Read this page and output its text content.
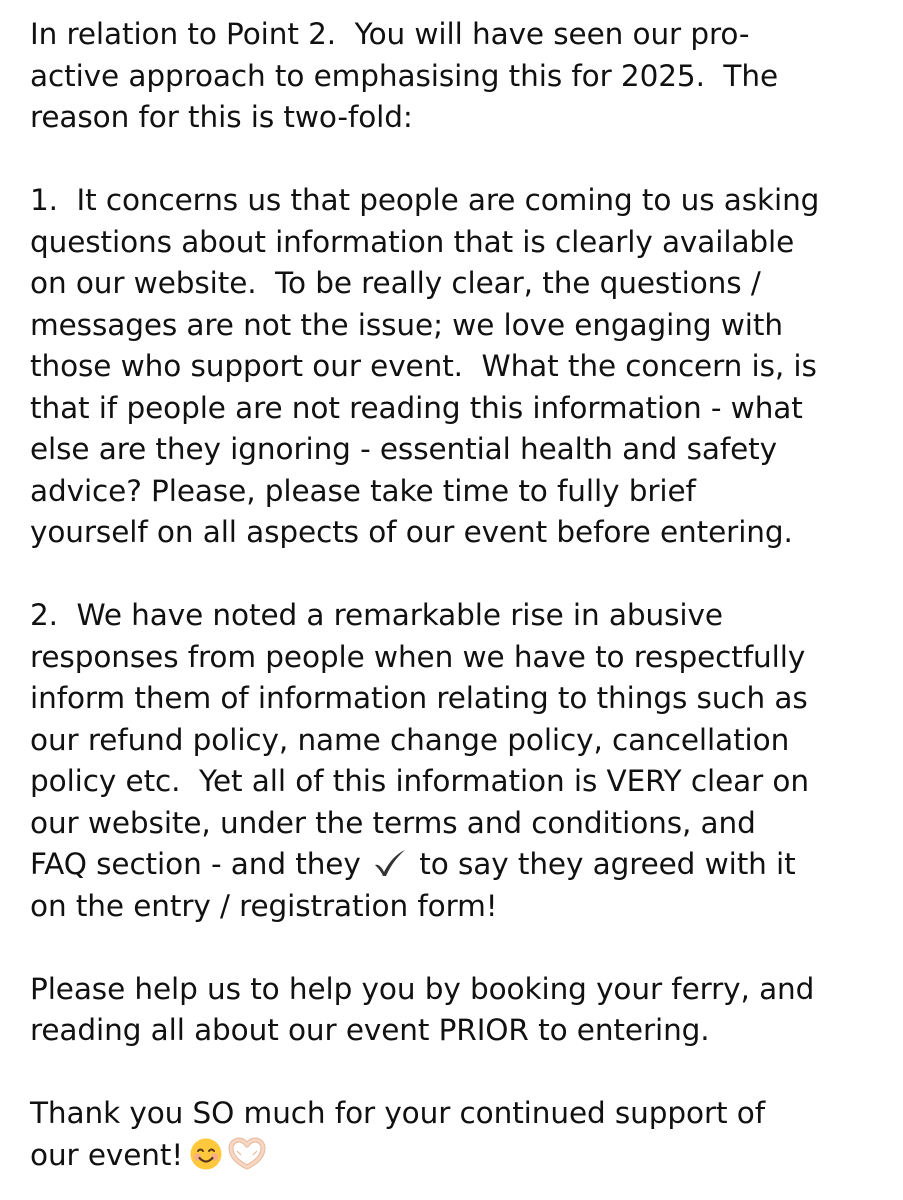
In relation to Point 2.  You will have seen our pro-
active approach to emphasising this for 2025.  The
reason for this is two-fold:

1.  It concerns us that people are coming to us asking
questions about information that is clearly available
on our website.  To be really clear, the questions /
messages are not the issue; we love engaging with
those who support our event.  What the concern is, is
that if people are not reading this information - what
else are they ignoring - essential health and safety
advice? Please, please take time to fully brief
yourself on all aspects of our event before entering.

2.  We have noted a remarkable rise in abusive
responses from people when we have to respectfully
inform them of information relating to things such as
our refund policy, name change policy, cancellation
policy etc.  Yet all of this information is VERY clear on
our website, under the terms and conditions, and
FAQ section - and they  to say they agreed with it
on the entry / registration form!

Please help us to help you by booking your ferry, and
reading all about our event PRIOR to entering.

Thank you SO much for your continued support of
our event!
